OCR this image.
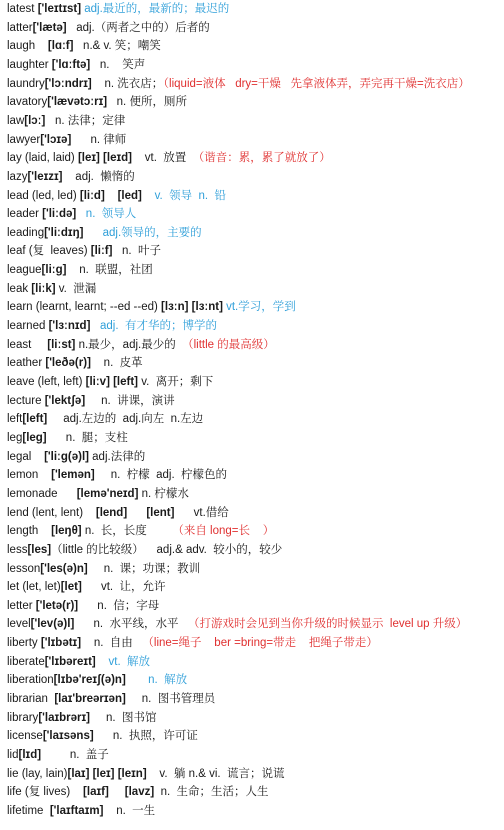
latest ['leɪtɪst] adj.最近的，最新的；最迟的
latter['lætə]   adj.（两者之中的）后者的
laugh    [lɑːf]   n.& v. 笑；嘲笑
laughter ['lɑːftə]   n.    笑声
laundry['lɔːndrɪ]    n. 洗衣店；（liquid=液体   dry=干燥   先拿液体弄，弄完再干燥=洗衣店）
lavatory['lævətɔːrɪ]   n. 便所，厕所
law[lɔː]   n. 法律；定律
lawyer['lɔɪə]      n. 律师
lay (laid, laid) [leɪ] [leɪd]    vt.  放置  （谐音：累，累了就放了）
lazy['leɪzɪ]    adj.  懒惰的
lead (led, led) [liːd] [led]    v.  领导  n.  铅
leader ['liːdə]   n.  领导人
leading['liːdɪŋ]      adj.领导的，主要的
leaf (复  leaves) [liːf]   n.  叶子
league[liːg]    n.  联盟，社团
leak [liːk] v.  泄漏
learn (learnt, learnt; --ed --ed) [lɜːn] [lɜːnt] vt.学习，学到
learned ['lɜːnɪd]   adj.  有才华的；博学的
least     [liːst] n.最少，adj.最少的  （little 的最高级）
leather ['leðə(r)]    n.  皮革
leave (left, left) [liːv] [left] v.  离开；剩下
lecture ['lektʃə]     n.  讲课，演讲
left[left]     adj.左边的  adj.向左  n.左边
leg[leg]      n.  腿；支柱
legal    ['liːg(ə)l] adj.法律的
lemon    ['lemən]     n.  柠檬  adj.  柠檬色的
lemonade      [lemə'neɪd] n. 柠檬水
lend (lent, lent)    [lend] [lent]      vt.借给
length    [leŋθ] n.  长，长度        （来自 long=长    ）
less[les]（little 的比较级）    adj.& adv.  较小的，较少
lesson['les(ə)n]     n.  课；功课；教训
let (let, let)[let]      vt.  让，允许
letter ['letə(r)]      n.  信；字母
level['lev(ə)l]      n.  水平线，水平   （打游戏时会见到当你升级的时候显示  level up 升级）
liberty ['lɪbətɪ]    n.  自由   （line=绳子    ber =bring=带走    把绳子带走）
liberate['lɪbəreɪt]    vt.  解放
liberation[lɪbə'reɪʃ(ə)n]       n.  解放
librarian  [laɪ'breərɪən]     n.  图书管理员
library['laɪbrərɪ]     n.  图书馆
license['laɪsəns]      n.  执照，许可证
lid[lɪd]         n.  盖子
lie (lay, lain)[laɪ] [leɪ] [leɪn]    v.  躺 n.& vi.  谎言；说谎
life (复 lives)    [laɪf] [lavz]  n.  生命；生活；人生
lifetime  ['laɪftaɪm]    n.  一生
